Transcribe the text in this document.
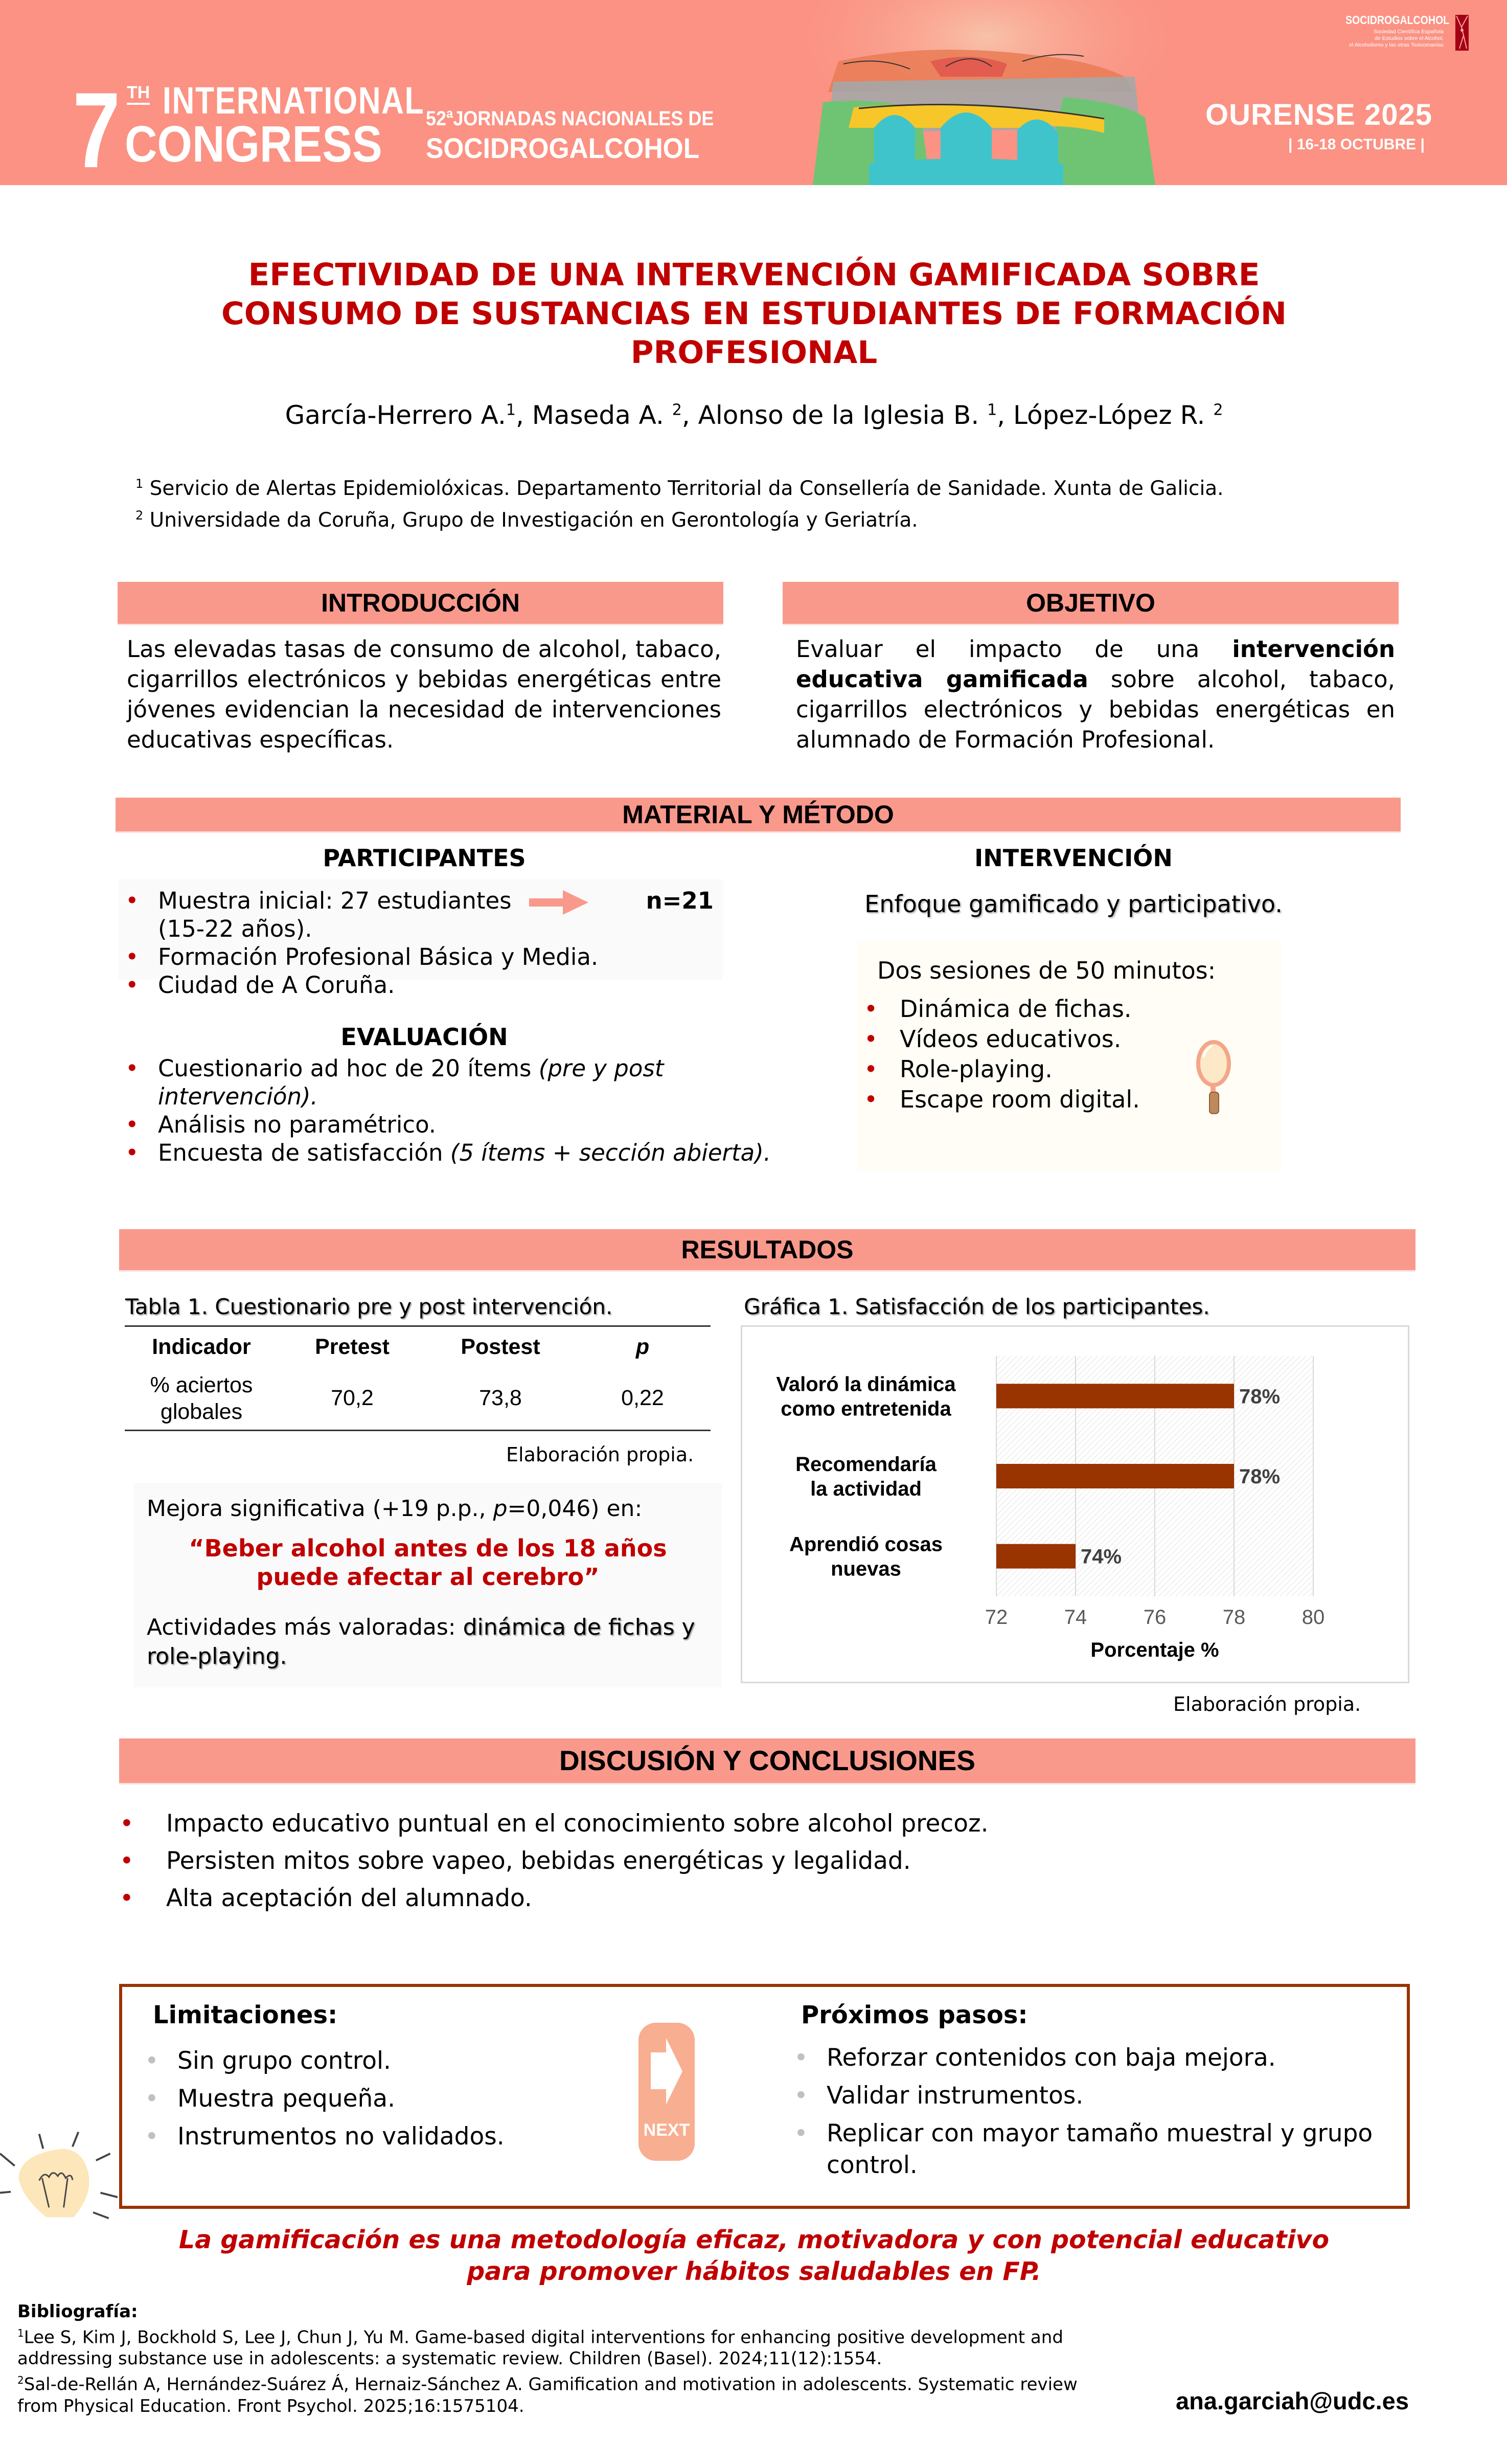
7 TH INTERNATIONAL
CONGRESS 52ªJORNADAS NACIONALES DE
SOCIDROGALCOHOL
OURENSE 2025
| 16-18 OCTUBRE |
SOCIDROGALCOHOL
Sociedad Científica Española
de Estudios sobre el Alcohol,
el Alcoholismo y las otras Toxicomanías
EFECTIVIDAD DE UNA INTERVENCIÓN GAMIFICADA SOBRE CONSUMO DE SUSTANCIAS EN ESTUDIANTES DE FORMACIÓN PROFESIONAL
García-Herrero A.$^1$, Maseda A. $^2$, Alonso de la Iglesia B. $^1$, López-López R. $^2$
$^1$ Servicio de Alertas Epidemiolóxicas. Departamento Territorial da Consellería de Sanidade. Xunta de Galicia.
$^2$ Universidade da Coruña, Grupo de Investigación en Gerontología y Geriatría.
INTRODUCCIÓN

Las elevadas tasas de consumo de alcohol, tabaco, cigarrillos electrónicos y bebidas energéticas entre jóvenes evidencian la necesidad de intervenciones educativas específicas.

OBJETIVO

Evaluar el impacto de una intervención educativa gamificada sobre alcohol, tabaco, cigarrillos electrónicos y bebidas energéticas en alumnado de Formación Profesional.

MATERIAL Y MÉTODO
PARTICIPANTES
• Muestra inicial: 27 estudiantes	n=21

(15-22 años).
• Formación Profesional Básica y Media.
• Ciudad de A Coruña.
EVALUACIÓN
• Cuestionario ad hoc de 20 ítems (pre y post intervención).
• Análisis no paramétrico.
• Encuesta de satisfacción (5 ítems + sección abierta).
INTERVENCIÓN
Enfoque gamificado y participativo.
Dos sesiones de 50 minutos:
• Dinámica de fichas.
• Vídeos educativos.
• Role-playing.
• Escape room digital.
RESULTADOS
Tabla 1. Cuestionario pre y post intervención.
Indicador	Pretest	Postest	p
% aciertos globales	70,2	73,8	0,22
Elaboración propia.
Mejora significativa (+19 p.p., p=0,046) en:
“Beber alcohol antes de los 18 años puede afectar al cerebro”
Actividades más valoradas: dinámica de fichas y role-playing.
Gráfica 1. Satisfacción de los participantes.
78%
78%
74%
Valoró la dinámica
como entretenida
Recomendaría
la actividad
Aprendió cosas
nuevas
72	74	76	78	80
Porcentaje %
Elaboración propia.
DISCUSIÓN Y CONCLUSIONES
• Impacto educativo puntual en el conocimiento sobre alcohol precoz.
• Persisten mitos sobre vapeo, bebidas energéticas y legalidad.
• Alta aceptación del alumnado.
Limitaciones:
• Sin grupo control.
• Muestra pequeña.
• Instrumentos no validados.	NEXT
Próximos pasos:
• Reforzar contenidos con baja mejora.
• Validar instrumentos.
• Replicar con mayor tamaño muestral y grupo control.
La gamificación es una metodología eficaz, motivadora y con potencial educativo para promover hábitos saludables en FP.
Bibliografía:
$^1$Lee S, Kim J, Bockhold S, Lee J, Chun J, Yu M. Game-based digital interventions for enhancing positive development and addressing substance use in adolescents: a systematic review. Children (Basel). 2024;11(12):1554.
$^2$Sal-de-Rellán A, Hernández-Suárez Á, Hernaiz-Sánchez A. Gamification and motivation in adolescents. Systematic review from Physical Education. Front Psychol. 2025;16:1575104.	ana.garciah@udc.es
